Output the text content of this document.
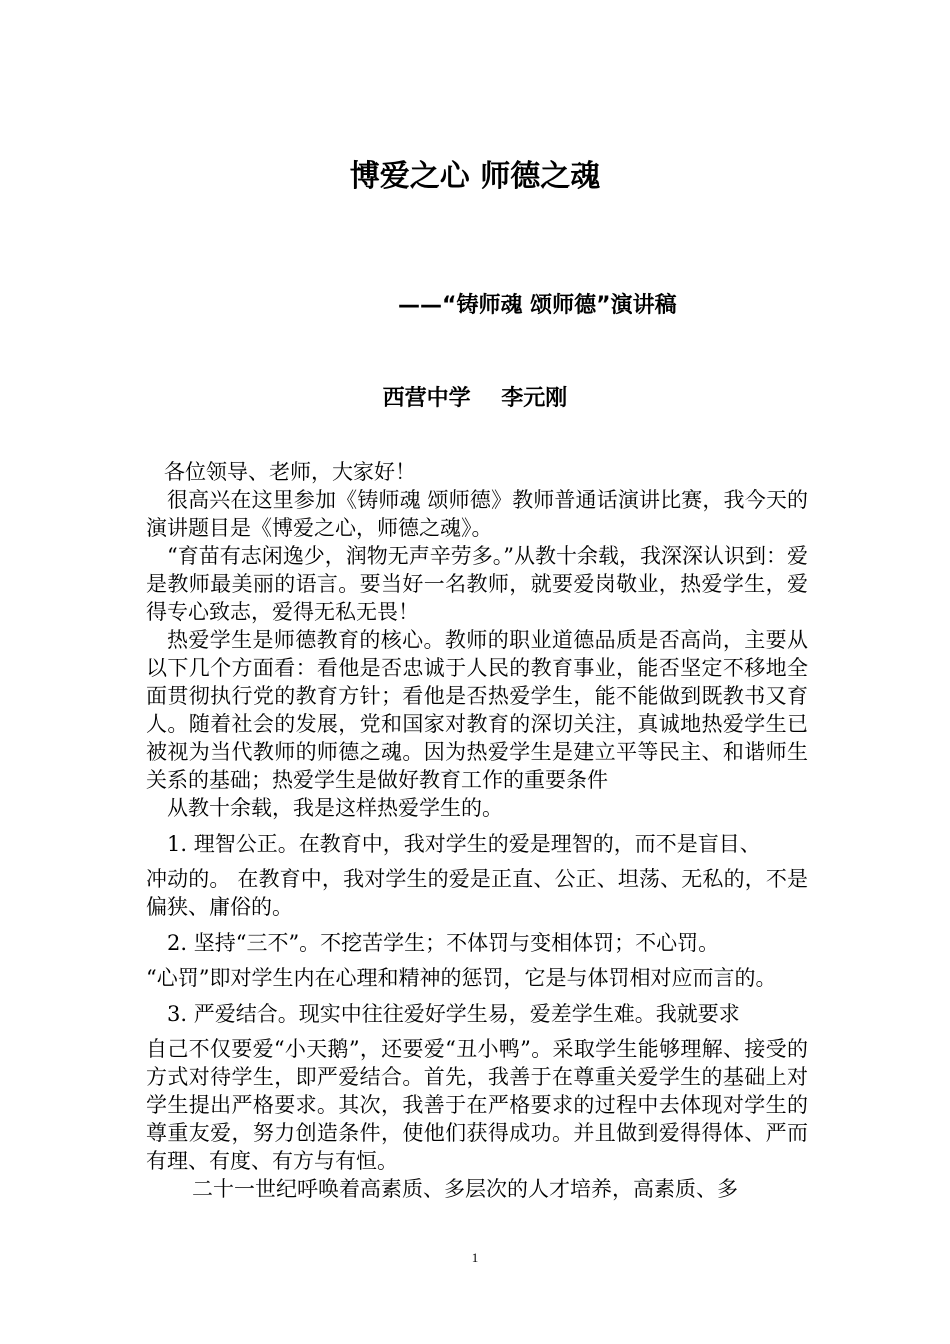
博爱之心 师德之魂
——“铸师魂 颂师德”演讲稿
西营中学    李元刚

各位领导、老师，大家好！

很高兴在这里参加《铸师魂 颂师德》教师普通话演讲比赛，我今天的演讲题目是《博爱之心，师德之魂》。

“育苗有志闲逸少，润物无声辛劳多。”从教十余载，我深深认识到：爱是教师最美丽的语言。要当好一名教师，就要爱岗敬业，热爱学生，爱得专心致志，爱得无私无畏！

热爱学生是师德教育的核心。教师的职业道德品质是否高尚，主要从以下几个方面看：看他是否忠诚于人民的教育事业，能否坚定不移地全面贯彻执行党的教育方针；看他是否热爱学生，能不能做到既教书又育人。随着社会的发展，党和国家对教育的深切关注，真诚地热爱学生已被视为当代教师的师德之魂。因为热爱学生是建立平等民主、和谐师生关系的基础；热爱学生是做好教育工作的重要条件

从教十余载，我是这样热爱学生的。

1. 理智公正。在教育中，我对学生的爱是理智的，而不是盲目、

冲动的。 在教育中，我对学生的爱是正直、公正、坦荡、无私的，不是偏狭、庸俗的。

2. 坚持“三不”。不挖苦学生；不体罚与变相体罚；不心罚。

“心罚”即对学生内在心理和精神的惩罚，它是与体罚相对应而言的。

3. 严爱结合。现实中往往爱好学生易，爱差学生难。我就要求

自己不仅要爱“小天鹅”，还要爱“丑小鸭”。采取学生能够理解、接受的方式对待学生，即严爱结合。首先，我善于在尊重关爱学生的基础上对学生提出严格要求。其次，我善于在严格要求的过程中去体现对学生的尊重友爱，努力创造条件，使他们获得成功。并且做到爱得得体、严而有理、有度、有方与有恒。

二十一世纪呼唤着高素质、多层次的人才培养，高素质、多

1
